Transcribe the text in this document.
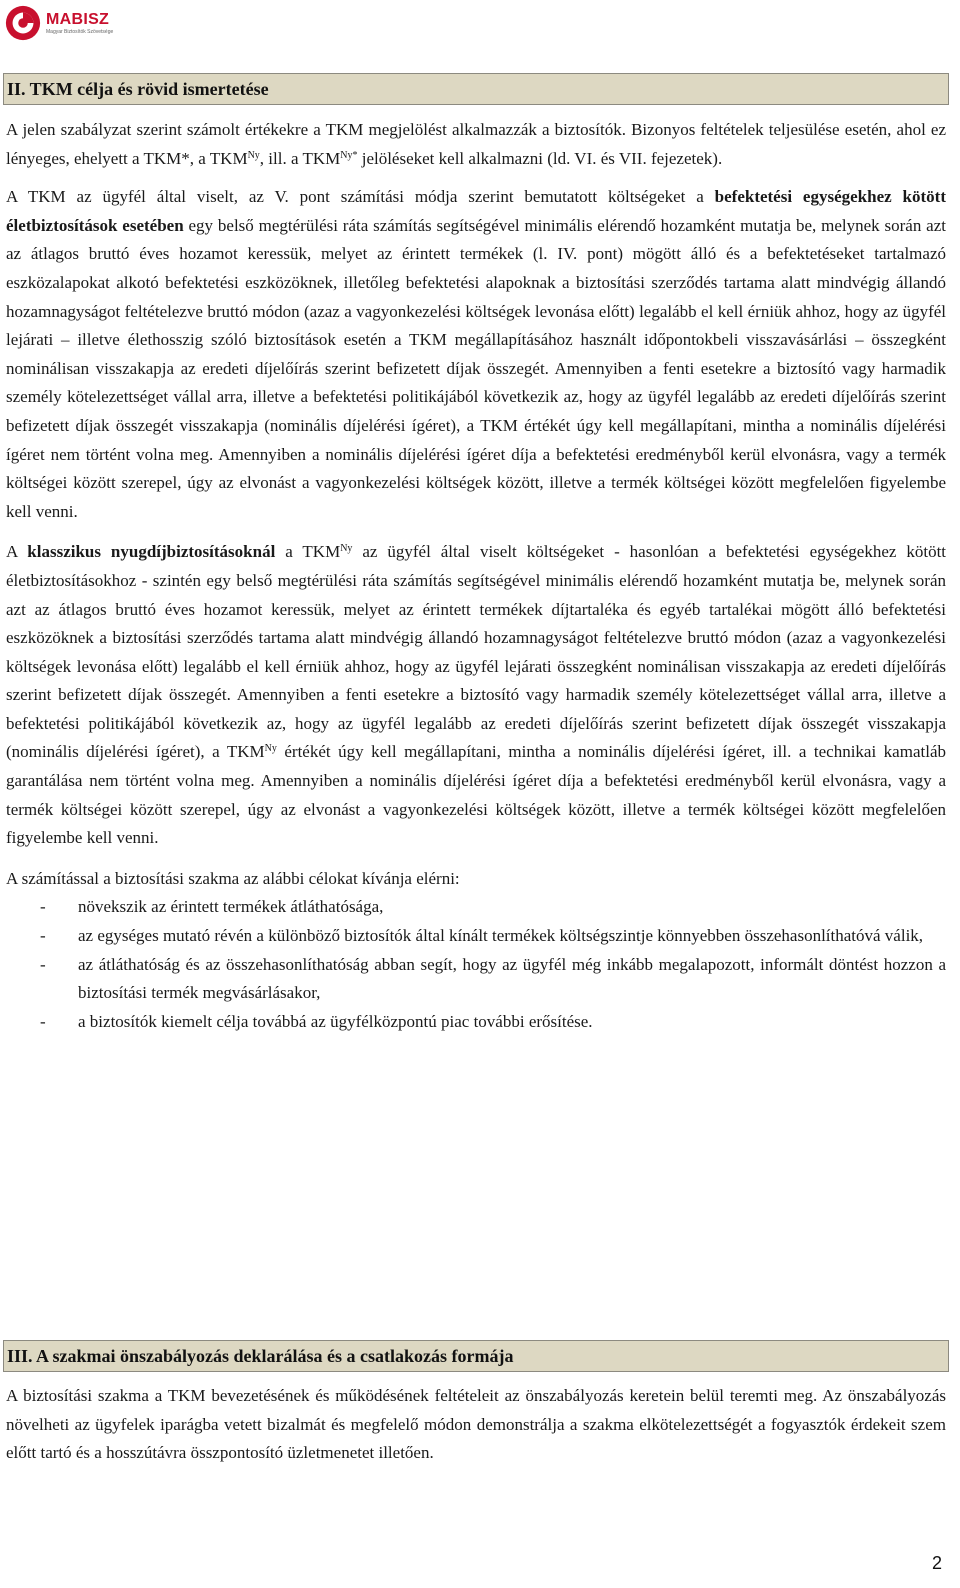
MABISZ
Magyar Biztosítók Szövetsége
II. TKM célja és rövid ismertetése

A jelen szabályzat szerint számolt értékekre a TKM megjelölést alkalmazzák a biztosítók. Bizonyos feltételek teljesülése esetén, ahol ez lényeges, ehelyett a TKM*, a $TKM^{Ny}$, ill. a $TKM^{Ny*}$ jelöléseket kell alkalmazni (ld. VI. és VII. fejezetek).

A TKM az ügyfél által viselt, az V. pont számítási módja szerint bemutatott költségeket a befektetési egységekhez kötött életbiztosítások esetében egy belső megtérülési ráta számítás segítségével minimális elérendő hozamként mutatja be, melynek során azt az átlagos bruttó éves hozamot keressük, melyet az érintett termékek (l. IV. pont) mögött álló és a befektetéseket tartalmazó eszközalapokat alkotó befektetési eszközöknek, illetőleg befektetési alapoknak a biztosítási szerződés tartama alatt mindvégig állandó hozamnagyságot feltételezve bruttó módon (azaz a vagyonkezelési költségek levonása előtt) legalább el kell érniük ahhoz, hogy az ügyfél lejárati – illetve élethosszig szóló biztosítások esetén a TKM megállapításához használt időpontokbeli visszavásárlási – összegként nominálisan visszakapja az eredeti díjelőírás szerint befizetett díjak összegét. Amennyiben a fenti esetekre a biztosító vagy harmadik személy kötelezettséget vállal arra, illetve a befektetési politikájából következik az, hogy az ügyfél legalább az eredeti díjelőírás szerint befizetett díjak összegét visszakapja (nominális díjelérési ígéret), a TKM értékét úgy kell megállapítani, mintha a nominális díjelérési ígéret nem történt volna meg. Amennyiben a nominális díjelérési ígéret díja a befektetési eredményből kerül elvonásra, vagy a termék költségei között szerepel, úgy az elvonást a vagyonkezelési költségek között, illetve a termék költségei között megfelelően figyelembe kell venni.

A klasszikus nyugdíjbiztosításoknál a $TKM^{Ny}$ az ügyfél által viselt költségeket - hasonlóan a befektetési egységekhez kötött életbiztosításokhoz - szintén egy belső megtérülési ráta számítás segítségével minimális elérendő hozamként mutatja be, melynek során azt az átlagos bruttó éves hozamot keressük, melyet az érintett termékek díjtartaléka és egyéb tartalékai mögött álló befektetési eszközöknek a biztosítási szerződés tartama alatt mindvégig állandó hozamnagyságot feltételezve bruttó módon (azaz a vagyonkezelési költségek levonása előtt) legalább el kell érniük ahhoz, hogy az ügyfél lejárati összegként nominálisan visszakapja az eredeti díjelőírás szerint befizetett díjak összegét. Amennyiben a fenti esetekre a biztosító vagy harmadik személy kötelezettséget vállal arra, illetve a befektetési politikájából következik az, hogy az ügyfél legalább az eredeti díjelőírás szerint befizetett díjak összegét visszakapja (nominális díjelérési ígéret), a $TKM^{Ny}$ értékét úgy kell megállapítani, mintha a nominális díjelérési ígéret, ill. a technikai kamatláb garantálása nem történt volna meg. Amennyiben a nominális díjelérési ígéret díja a befektetési eredményből kerül elvonásra, vagy a termék költségei között szerepel, úgy az elvonást a vagyonkezelési költségek között, illetve a termék költségei között megfelelően figyelembe kell venni.

A számítással a biztosítási szakma az alábbi célokat kívánja elérni:

- növekszik az érintett termékek átláthatósága,
- az egységes mutató révén a különböző biztosítók által kínált termékek költségszintje könnyebben összehasonlíthatóvá válik,
- az átláthatóság és az összehasonlíthatóság abban segít, hogy az ügyfél még inkább megalapozott, informált döntést hozzon a biztosítási termék megvásárlásakor,
- a biztosítók kiemelt célja továbbá az ügyfélközpontú piac további erősítése.
III. A szakmai önszabályozás deklarálása és a csatlakozás formája

A biztosítási szakma a TKM bevezetésének és működésének feltételeit az önszabályozás keretein belül teremti meg. Az önszabályozás növelheti az ügyfelek iparágba vetett bizalmát és megfelelő módon demonstrálja a szakma elkötelezettségét a fogyasztók érdekeit szem előtt tartó és a hosszútávra összpontosító üzletmenetet illetően.

2
